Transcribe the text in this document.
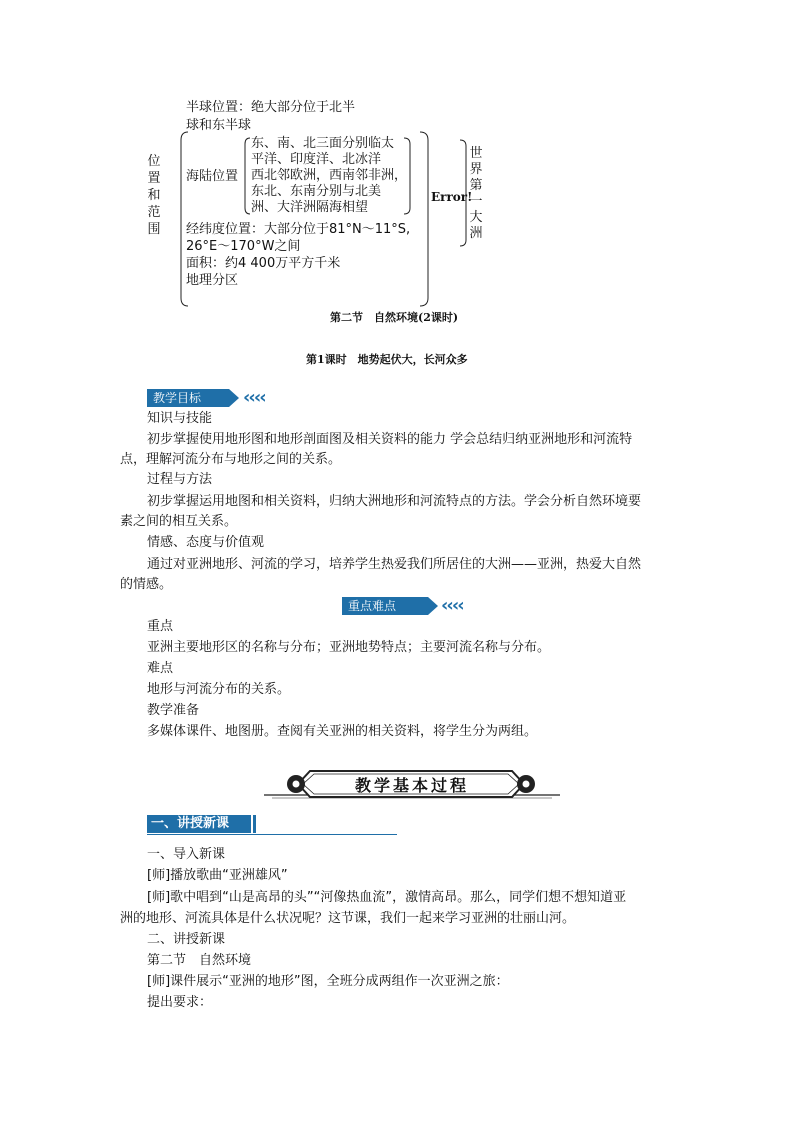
位
置
和
范
围
半球位置：绝大部分位于北半
球和东半球
海陆位置
东、南、北三面分别临太
平洋、印度洋、北冰洋
西北邻欧洲，西南邻非洲，
东北、东南分别与北美
洲、大洋洲隔海相望
经纬度位置：大部分位于81°N～11°S,
26°E～170°W之间
面积：约4 400万平方千米
地理分区
Error!
世
界
第
一
大
洲
第二节　自然环境(2课时)
第1课时　地势起伏大，长河众多
教学目标	‹‹‹‹
知识与技能
初步掌握使用地形图和地形剖面图及相关资料的能力 学会总结归纳亚洲地形和河流特
点，理解河流分布与地形之间的关系。
过程与方法
初步掌握运用地图和相关资料，归纳大洲地形和河流特点的方法。学会分析自然环境要
素之间的相互关系。
情感、态度与价值观
通过对亚洲地形、河流的学习，培养学生热爱我们所居住的大洲——亚洲，热爱大自然
的情感。
重点难点	‹‹‹‹
重点
亚洲主要地形区的名称与分布；亚洲地势特点；主要河流名称与分布。
难点
地形与河流分布的关系。
教学准备
多媒体课件、地图册。查阅有关亚洲的相关资料，将学生分为两组。
教学基本过程
一、讲授新课
一、导入新课
[师]播放歌曲“亚洲雄风”
[师]歌中唱到“山是高昂的头”“河像热血流”，激情高昂。那么，同学们想不想知道亚
洲的地形、河流具体是什么状况呢？这节课，我们一起来学习亚洲的壮丽山河。
二、讲授新课
第二节　自然环境
[师]课件展示“亚洲的地形”图，全班分成两组作一次亚洲之旅：
提出要求：
